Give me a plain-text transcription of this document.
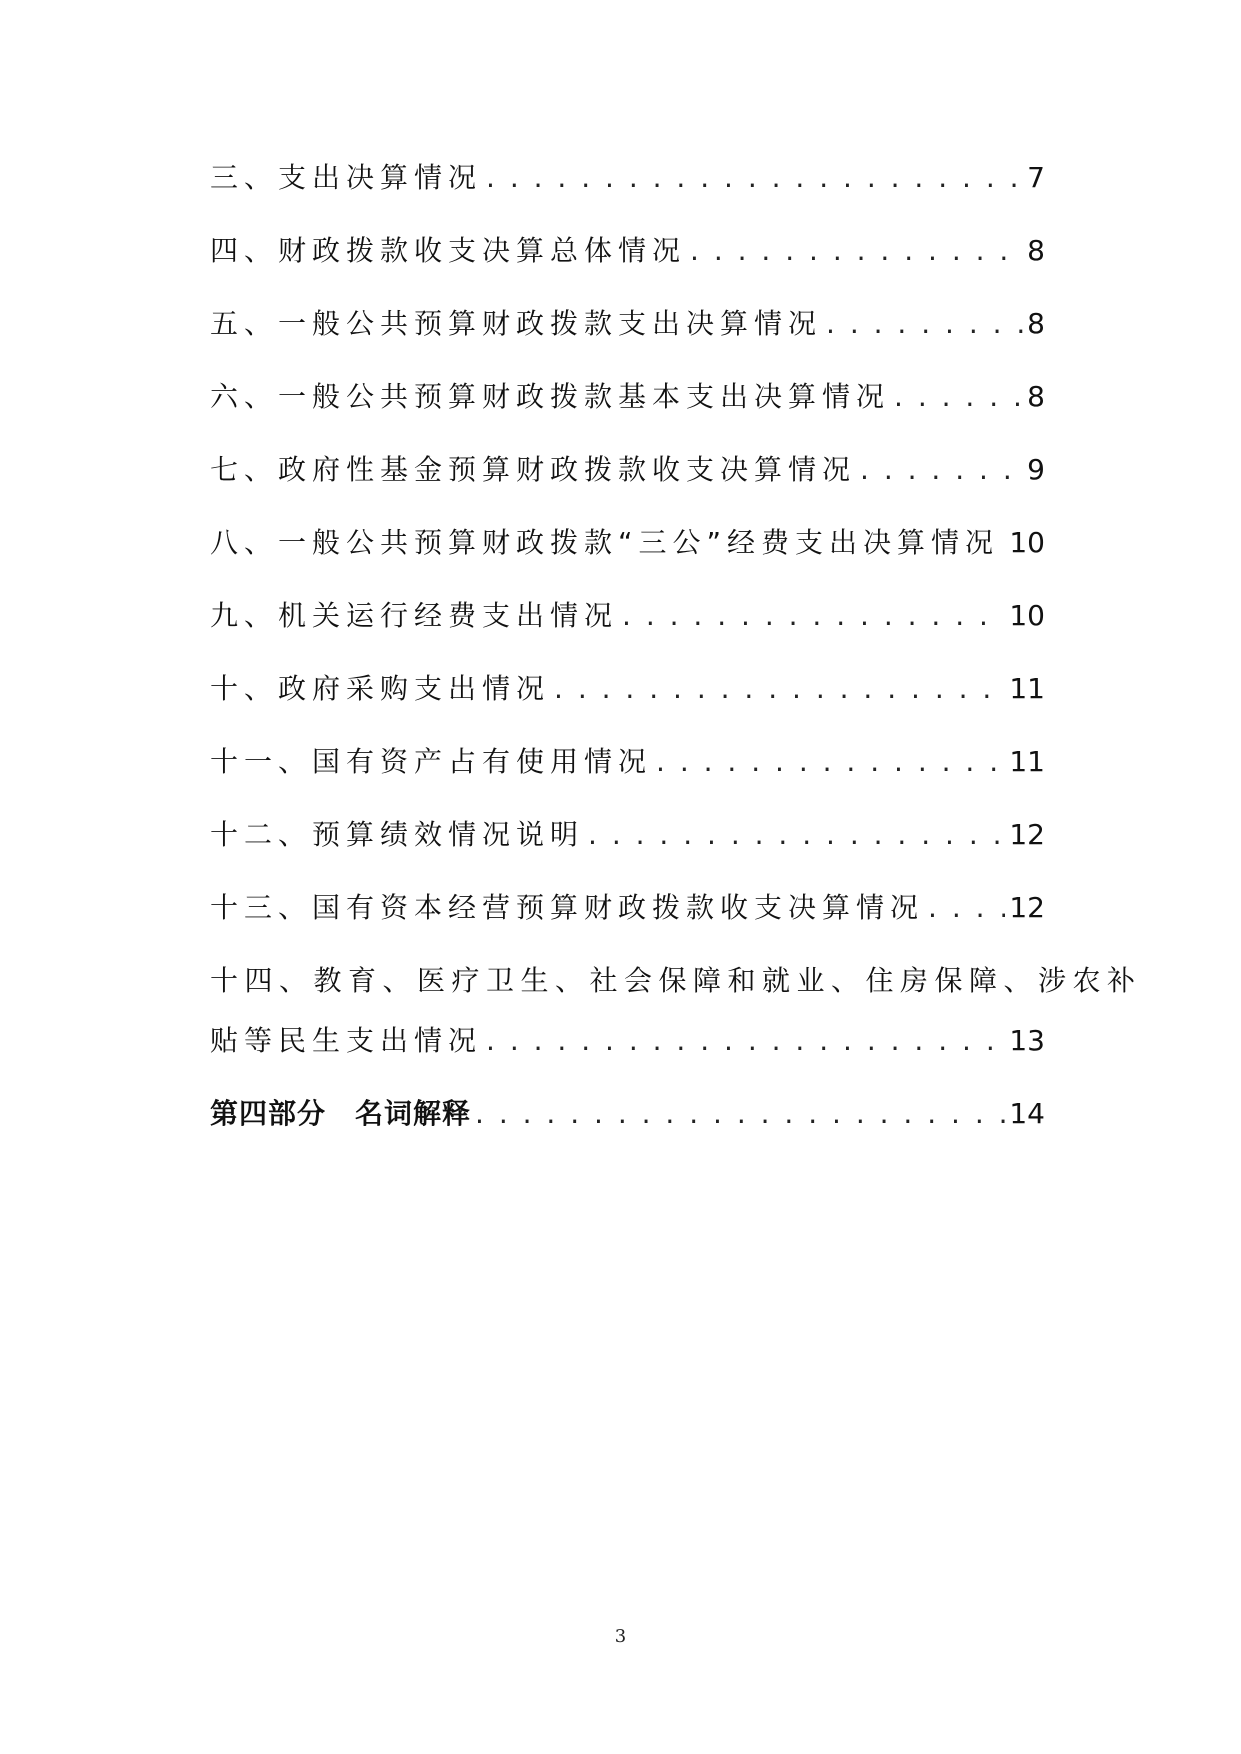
三、支出决算情况 . . .	7
四、财政拨款收支决算总体情况 . . .	8
五、一般公共预算财政拨款支出决算情况 . . .	8
六、一般公共预算财政拨款基本支出决算情况 . . .	8
七、政府性基金预算财政拨款收支决算情况 . . .	9
八、一般公共预算财政拨款“三公”经费支出决算情况 . . . 10
九、机关运行经费支出情况 . . .	10
十、政府采购支出情况 . . .	11
十一、国有资产占有使用情况 . . .	11
十二、预算绩效情况说明 . . .	12
十三、国有资本经营预算财政拨款收支决算情况 . . .	12
十四、教育、医疗卫生、社会保障和就业、住房保障、涉农补
贴等民生支出情况 . . .	13
第四部分　名词解释 . . .	14
3
